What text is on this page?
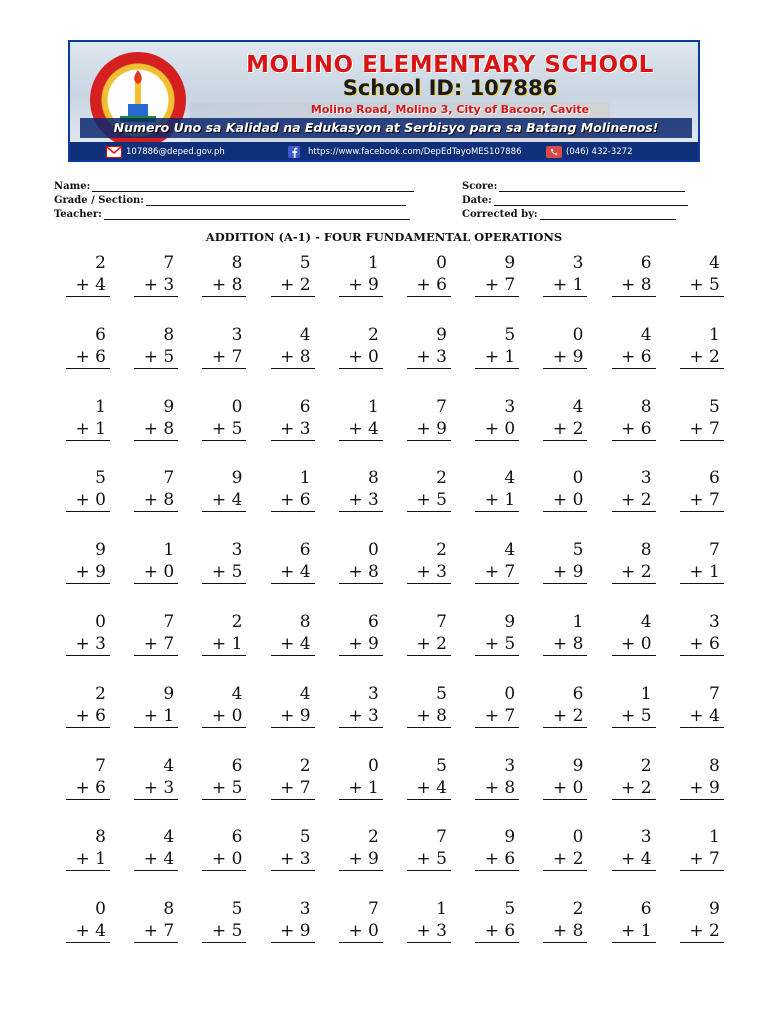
MOLINO ELEMENTARY SCHOOL
School ID: 107886
Molino Road, Molino 3, City of Bacoor, Cavite
Numero Uno sa Kalidad na Edukasyon at Serbisyo para sa Batang Molinenos!
107886@deped.gov.ph	https://www.facebook.com/DepEdTayoMES107886	(046) 432-3272
Name:
Grade / Section:
Teacher:
Score:
Date:
Corrected by:
ADDITION (A-1) - FOUR FUNDAMENTAL OPERATIONS
2
+ 4
7
+ 3
8
+ 8
5
+ 2
1
+ 9
0
+ 6
9
+ 7
3
+ 1
6
+ 8
4
+ 5
6
+ 6
8
+ 5
3
+ 7
4
+ 8
2
+ 0
9
+ 3
5
+ 1
0
+ 9
4
+ 6
1
+ 2
1
+ 1
9
+ 8
0
+ 5
6
+ 3
1
+ 4
7
+ 9
3
+ 0
4
+ 2
8
+ 6
5
+ 7
5
+ 0
7
+ 8
9
+ 4
1
+ 6
8
+ 3
2
+ 5
4
+ 1
0
+ 0
3
+ 2
6
+ 7
9
+ 9
1
+ 0
3
+ 5
6
+ 4
0
+ 8
2
+ 3
4
+ 7
5
+ 9
8
+ 2
7
+ 1
0
+ 3
7
+ 7
2
+ 1
8
+ 4
6
+ 9
7
+ 2
9
+ 5
1
+ 8
4
+ 0
3
+ 6
2
+ 6
9
+ 1
4
+ 0
4
+ 9
3
+ 3
5
+ 8
0
+ 7
6
+ 2
1
+ 5
7
+ 4
7
+ 6
4
+ 3
6
+ 5
2
+ 7
0
+ 1
5
+ 4
3
+ 8
9
+ 0
2
+ 2
8
+ 9
8
+ 1
4
+ 4
6
+ 0
5
+ 3
2
+ 9
7
+ 5
9
+ 6
0
+ 2
3
+ 4
1
+ 7
0
+ 4
8
+ 7
5
+ 5
3
+ 9
7
+ 0
1
+ 3
5
+ 6
2
+ 8
6
+ 1
9
+ 2
